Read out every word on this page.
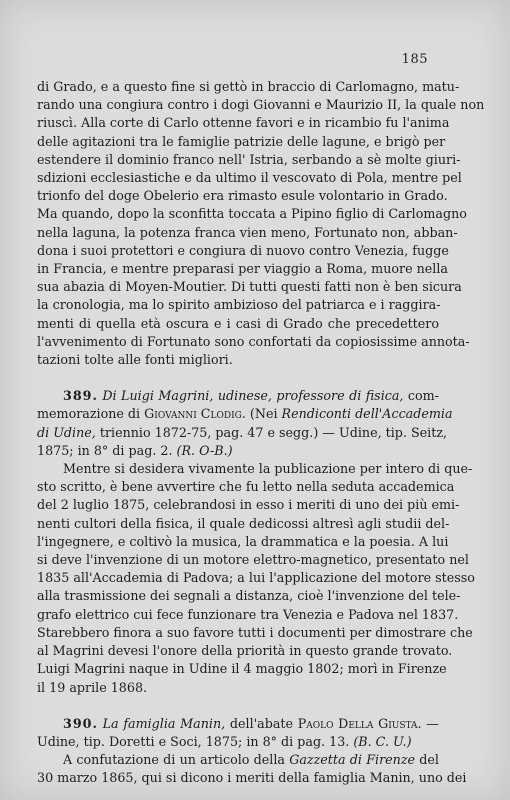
185
di Grado, e a questo fine si gettò in braccio di Carlomagno, matu-
rando una congiura contro i dogi Giovanni e Maurizio II, la quale non
riuscì. Alla corte di Carlo ottenne favori e in ricambio fu l'anima
delle agitazioni tra le famiglie patrizie delle lagune, e brigò per
estendere il dominio franco nell' Istria, serbando a sè molte giuri-
sdizioni ecclesiastiche e da ultimo il vescovato di Pola, mentre pel
trionfo del doge Obelerio era rimasto esule volontario in Grado.
Ma quando, dopo la sconfitta toccata a Pipino figlio di Carlomagno
nella laguna, la potenza franca vien meno, Fortunato non, abban-
dona i suoi protettori e congiura di nuovo contro Venezia, fugge
in Francia, e mentre preparasi per viaggio a Roma, muore nella
sua abazia di Moyen-Moutier. Di tutti questi fatti non è ben sicura
la cronologia, ma lo spirito ambizioso del patriarca e i raggira-
menti di quella età oscura e i casi di Grado che precedettero
l'avvenimento di Fortunato sono confortati da copiosissime annota-
tazioni tolte alle fonti migliori.
389. Di Luigi Magrini, udinese, professore di fisica, com-
memorazione di Giovanni Clodig. (Nei Rendiconti dell'Accademia
di Udine, triennio 1872-75, pag. 47 e segg.) — Udine, tip. Seitz,
1875; in 8° di pag. 2. (R. O-B.)
Mentre si desidera vivamente la publicazione per intero di que-
sto scritto, è bene avvertire che fu letto nella seduta accademica
del 2 luglio 1875, celebrandosi in esso i meriti di uno dei più emi-
nenti cultori della fisica, il quale dedicossi altresì agli studii del-
l'ingegnere, e coltivò la musica, la drammatica e la poesia. A lui
si deve l'invenzione di un motore elettro-magnetico, presentato nel
1835 all'Accademia di Padova; a lui l'applicazione del motore stesso
alla trasmissione dei segnali a distanza, cioè l'invenzione del tele-
grafo elettrico cui fece funzionare tra Venezia e Padova nel 1837.
Starebbero finora a suo favore tutti i documenti per dimostrare che
al Magrini devesi l'onore della priorità in questo grande trovato.
Luigi Magrini naque in Udine il 4 maggio 1802; morì in Firenze
il 19 aprile 1868.
390. La famiglia Manin, dell'abate Paolo Della Giusta. —
Udine, tip. Doretti e Soci, 1875; in 8° di pag. 13. (B. C. U.)
A confutazione di un articolo della Gazzetta di Firenze del
30 marzo 1865, qui si dicono i meriti della famiglia Manin, uno dei
